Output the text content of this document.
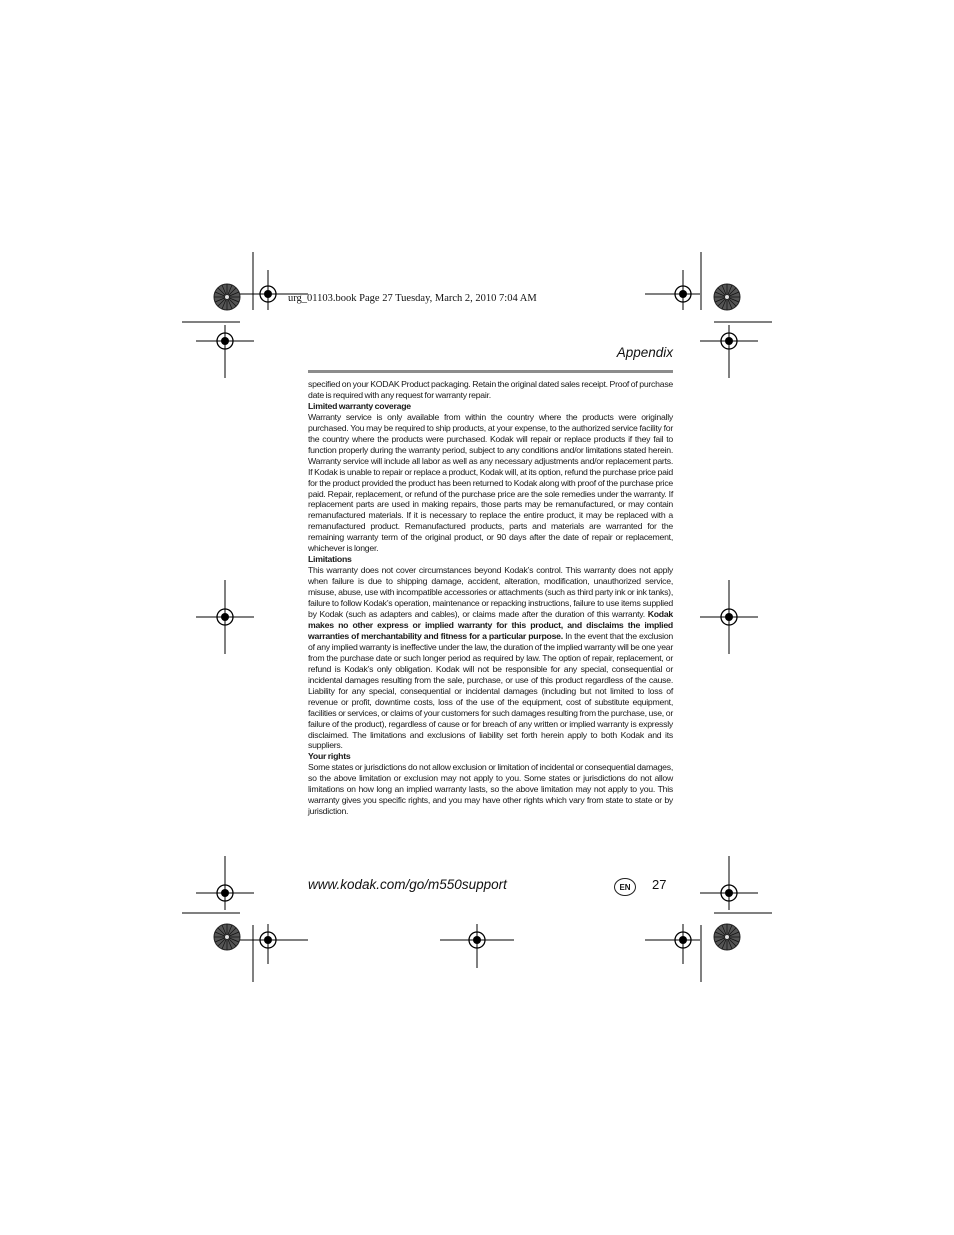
urg_01103.book Page 27 Tuesday, March 2, 2010 7:04 AM
Appendix

specified on your KODAK Product packaging. Retain the original dated sales receipt. Proof of purchase date is required with any request for warranty repair.

Limited warranty coverage

Warranty service is only available from within the country where the products were originally purchased. You may be required to ship products, at your expense, to the authorized service facility for the country where the products were purchased. Kodak will repair or replace products if they fail to function properly during the warranty period, subject to any conditions and/or limitations stated herein. Warranty service will include all labor as well as any necessary adjustments and/or replacement parts. If Kodak is unable to repair or replace a product, Kodak will, at its option, refund the purchase price paid for the product provided the product has been returned to Kodak along with proof of the purchase price paid. Repair, replacement, or refund of the purchase price are the sole remedies under the warranty. If replacement parts are used in making repairs, those parts may be remanufactured, or may contain remanufactured materials. If it is necessary to replace the entire product, it may be replaced with a remanufactured product. Remanufactured products, parts and materials are warranted for the remaining warranty term of the original product, or 90 days after the date of repair or replacement, whichever is longer.

Limitations

This warranty does not cover circumstances beyond Kodak’s control. This warranty does not apply when failure is due to shipping damage, accident, alteration, modification, unauthorized service, misuse, abuse, use with incompatible accessories or attachments (such as third party ink or ink tanks), failure to follow Kodak’s operation, maintenance or repacking instructions, failure to use items supplied by Kodak (such as adapters and cables), or claims made after the duration of this warranty. Kodak makes no other express or implied warranty for this product, and disclaims the implied warranties of merchantability and fitness for a particular purpose. In the event that the exclusion of any implied warranty is ineffective under the law, the duration of the implied warranty will be one year from the purchase date or such longer period as required by law. The option of repair, replacement, or refund is Kodak’s only obligation. Kodak will not be responsible for any special, consequential or incidental damages resulting from the sale, purchase, or use of this product regardless of the cause. Liability for any special, consequential or incidental damages (including but not limited to loss of revenue or profit, downtime costs, loss of the use of the equipment, cost of substitute equipment, facilities or services, or claims of your customers for such damages resulting from the purchase, use, or failure of the product), regardless of cause or for breach of any written or implied warranty is expressly disclaimed. The limitations and exclusions of liability set forth herein apply to both Kodak and its suppliers.

Your rights

Some states or jurisdictions do not allow exclusion or limitation of incidental or consequential damages, so the above limitation or exclusion may not apply to you. Some states or jurisdictions do not allow limitations on how long an implied warranty lasts, so the above limitation may not apply to you. This warranty gives you specific rights, and you may have other rights which vary from state to state or by jurisdiction.

www.kodak.com/go/m550support	EN	27
